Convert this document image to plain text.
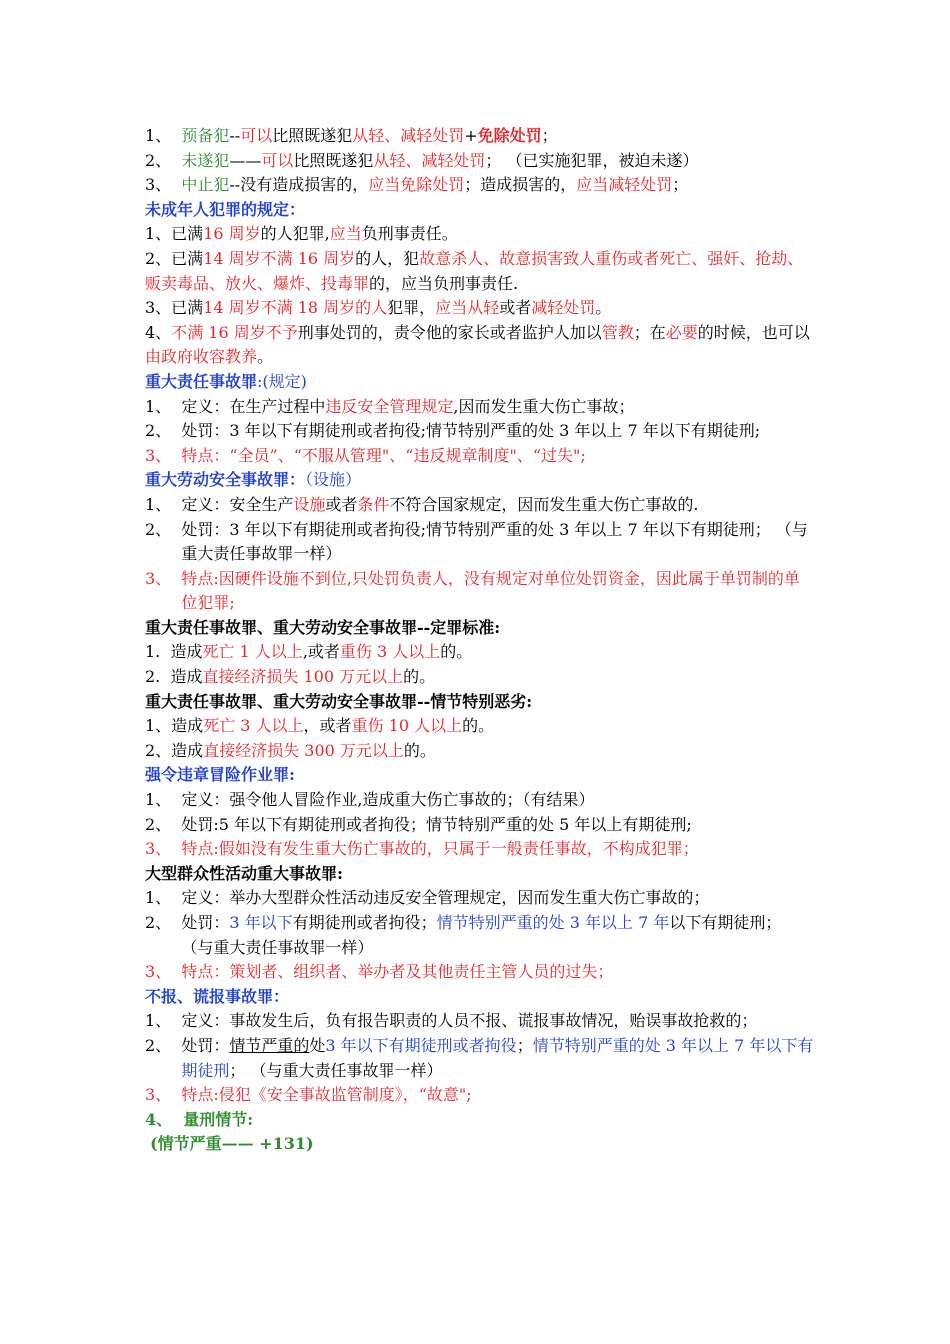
1、 预备犯--可以比照既遂犯从轻、减轻处罚+免除处罚；
2、 未遂犯——可以比照既遂犯从轻、减轻处罚； （已实施犯罪，被迫未遂）
3、 中止犯--没有造成损害的，应当免除处罚；造成损害的，应当减轻处罚；
未成年人犯罪的规定：
1、已满16 周岁的人犯罪,应当负刑事责任。
2、已满14 周岁不满 16 周岁的人，犯故意杀人、故意损害致人重伤或者死亡、强奸、抢劫、贩卖毒品、放火、爆炸、投毒罪的，应当负刑事责任.
3、已满14 周岁不满 18 周岁的人犯罪，应当从轻或者减轻处罚。
4、不满 16 周岁不予刑事处罚的，责令他的家长或者监护人加以管教；在必要的时候，也可以由政府收容教养。
重大责任事故罪:(规定)
1、 定义：在生产过程中违反安全管理规定,因而发生重大伤亡事故；
2、 处罚：3 年以下有期徒刑或者拘役;情节特别严重的处 3 年以上 7 年以下有期徒刑;
3、 特点：“全员”、“不服从管理"、“违反规章制度"、“过失";
重大劳动安全事故罪：（设施）
1、 定义：安全生产设施或者条件不符合国家规定，因而发生重大伤亡事故的.
2、 处罚：3 年以下有期徒刑或者拘役;情节特别严重的处 3 年以上 7 年以下有期徒刑； （与重大责任事故罪一样）
3、 特点:因硬件设施不到位,只处罚负责人，没有规定对单位处罚资金，因此属于单罚制的单位犯罪;
重大责任事故罪、重大劳动安全事故罪--定罪标准:
1. 造成死亡 1 人以上,或者重伤 3 人以上的。
2. 造成直接经济损失 100 万元以上的。
重大责任事故罪、重大劳动安全事故罪--情节特别恶劣:
1、造成死亡 3 人以上，或者重伤 10 人以上的。
2、造成直接经济损失 300 万元以上的。
强令违章冒险作业罪:
1、 定义：强令他人冒险作业,造成重大伤亡事故的；（有结果）
2、 处罚:5 年以下有期徒刑或者拘役；情节特别严重的处 5 年以上有期徒刑;
3、 特点:假如没有发生重大伤亡事故的，只属于一般责任事故，不构成犯罪；
大型群众性活动重大事故罪:
1、 定义：举办大型群众性活动违反安全管理规定，因而发生重大伤亡事故的；
2、 处罚：3 年以下有期徒刑或者拘役；情节特别严重的处 3 年以上 7 年以下有期徒刑； （与重大责任事故罪一样）
3、 特点：策划者、组织者、举办者及其他责任主管人员的过失；
不报、谎报事故罪：
1、 定义：事故发生后，负有报告职责的人员不报、谎报事故情况，贻误事故抢救的；
2、 处罚：情节严重的处3 年以下有期徒刑或者拘役；情节特别严重的处 3 年以上 7 年以下有期徒刑； （与重大责任事故罪一样）
3、 特点:侵犯《安全事故监管制度》，“故意";
4、 量刑情节:
(情节严重—— +131)
